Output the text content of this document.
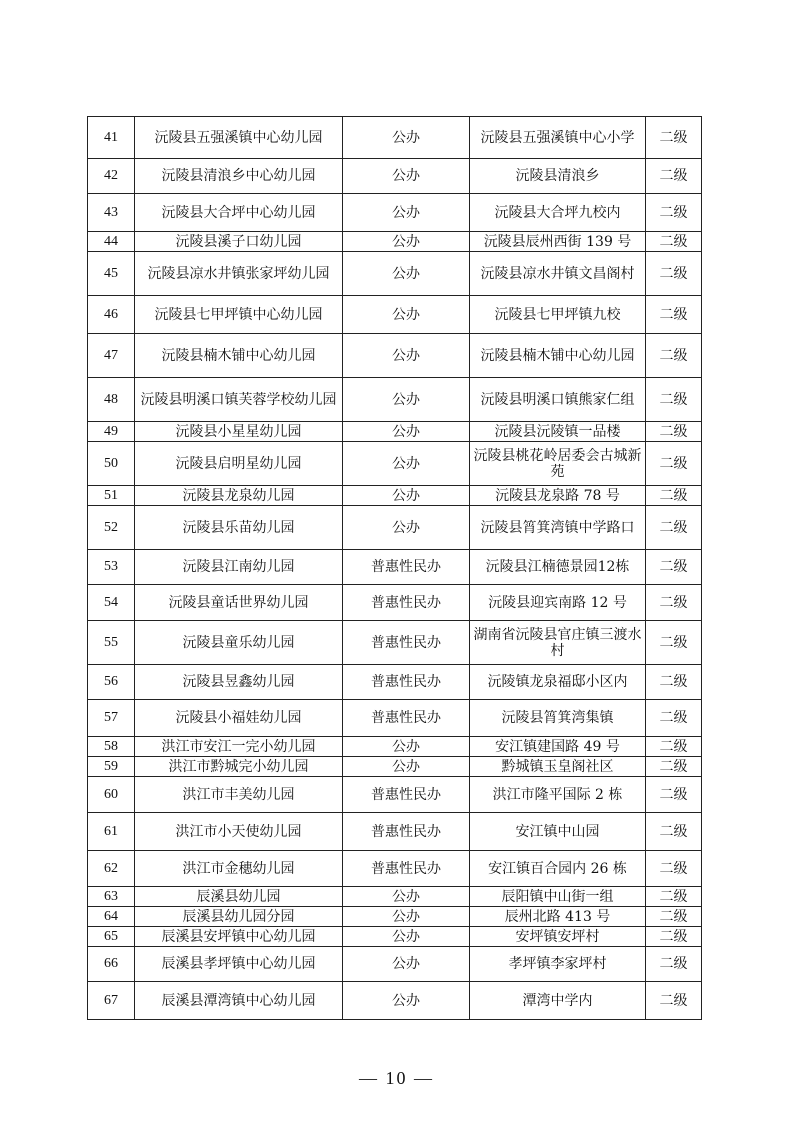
41	沅陵县五强溪镇中心幼儿园	公办	沅陵县五强溪镇中心小学	二级
42	沅陵县清浪乡中心幼儿园	公办	沅陵县清浪乡	二级
43	沅陵县大合坪中心幼儿园	公办	沅陵县大合坪九校内	二级
44	沅陵县溪子口幼儿园	公办	沅陵县辰州西街 139 号	二级
45	沅陵县凉水井镇张家坪幼儿园	公办	沅陵县凉水井镇文昌阁村	二级
46	沅陵县七甲坪镇中心幼儿园	公办	沅陵县七甲坪镇九校	二级
47	沅陵县楠木铺中心幼儿园	公办	沅陵县楠木铺中心幼儿园	二级
48	沅陵县明溪口镇芙蓉学校幼儿园	公办	沅陵县明溪口镇熊家仁组	二级
49	沅陵县小星星幼儿园	公办	沅陵县沅陵镇一品楼	二级
50	沅陵县启明星幼儿园	公办	沅陵县桃花岭居委会古城新苑	二级
51	沅陵县龙泉幼儿园	公办	沅陵县龙泉路 78 号	二级
52	沅陵县乐苗幼儿园	公办	沅陵县筲箕湾镇中学路口	二级
53	沅陵县江南幼儿园	普惠性民办	沅陵县江楠德景园12栋	二级
54	沅陵县童话世界幼儿园	普惠性民办	沅陵县迎宾南路 12 号	二级
55	沅陵县童乐幼儿园	普惠性民办	湖南省沅陵县官庄镇三渡水村	二级
56	沅陵县昱鑫幼儿园	普惠性民办	沅陵镇龙泉福邸小区内	二级
57	沅陵县小福娃幼儿园	普惠性民办	沅陵县筲箕湾集镇	二级
58	洪江市安江一完小幼儿园	公办	安江镇建国路 49 号	二级
59	洪江市黔城完小幼儿园	公办	黔城镇玉皇阁社区	二级
60	洪江市丰美幼儿园	普惠性民办	洪江市隆平国际 2 栋	二级
61	洪江市小天使幼儿园	普惠性民办	安江镇中山园	二级
62	洪江市金穗幼儿园	普惠性民办	安江镇百合园内 26 栋	二级
63	辰溪县幼儿园	公办	辰阳镇中山街一组	二级
64	辰溪县幼儿园分园	公办	辰州北路 413 号	二级
65	辰溪县安坪镇中心幼儿园	公办	安坪镇安坪村	二级
66	辰溪县孝坪镇中心幼儿园	公办	孝坪镇李家坪村	二级
67	辰溪县潭湾镇中心幼儿园	公办	潭湾中学内	二级
— 10 —
